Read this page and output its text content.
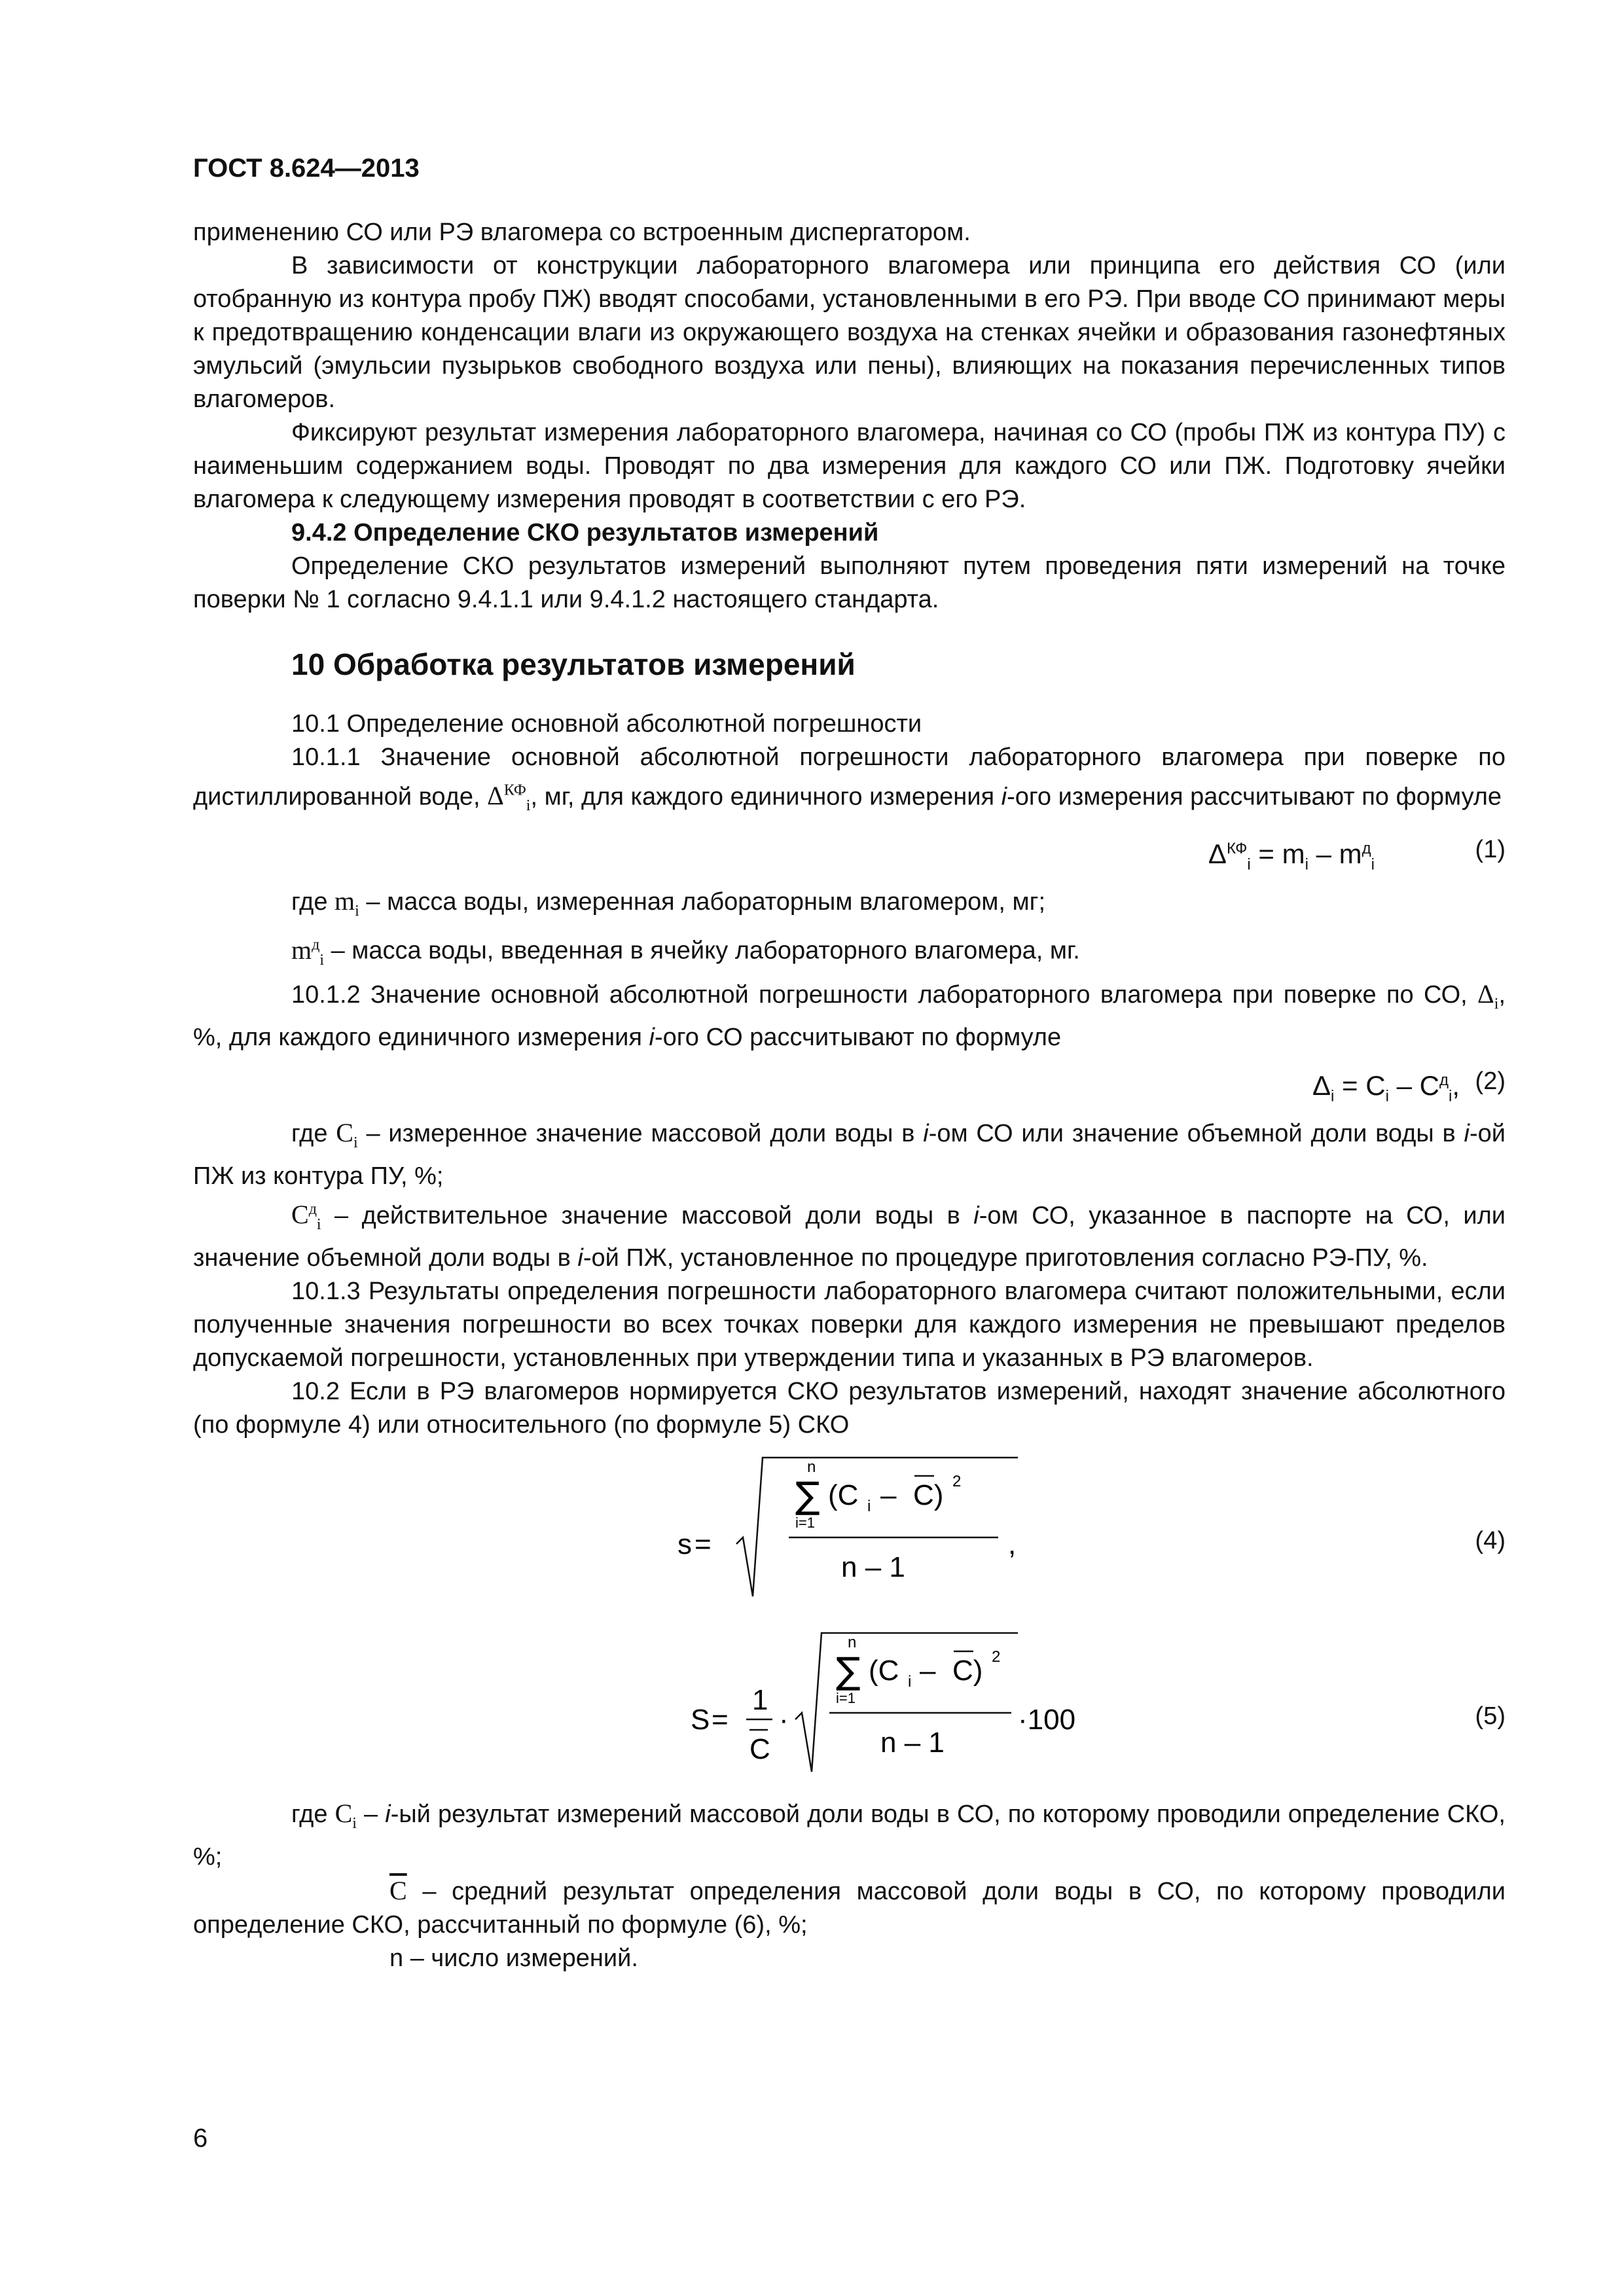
ГОСТ 8.624—2013

применению СО или РЭ влагомера со встроенным диспергатором.

В зависимости от конструкции лабораторного влагомера или принципа его действия СО (или отобранную из контура пробу ПЖ) вводят способами, установленными в его РЭ. При вводе СО принимают меры к предотвращению конденсации влаги из окружающего воздуха на стенках ячейки и образования газонефтяных эмульсий (эмульсии пузырьков свободного воздуха или пены), влияющих на показания перечисленных типов влагомеров.

Фиксируют результат измерения лабораторного влагомера, начиная со СО (пробы ПЖ из контура ПУ) с наименьшим содержанием воды. Проводят по два измерения для каждого СО или ПЖ. Подготовку ячейки влагомера к следующему измерения проводят в соответствии с его РЭ.

9.4.2 Определение СКО результатов измерений

Определение СКО результатов измерений выполняют путем проведения пяти измерений на точке поверки № 1 согласно 9.4.1.1 или 9.4.1.2 настоящего стандарта.

10 Обработка результатов измерений

10.1 Определение основной абсолютной погрешности

10.1.1 Значение основной абсолютной погрешности лабораторного влагомера при поверке по дистиллированной воде, $\Delta^{КФ}_i$, мг, для каждого единичного измерения i-ого измерения рассчитывают по формуле

$\Delta^{КФ}_i = m_i - m^д_i$
(1)

где $m_i$ – масса воды, измеренная лабораторным влагомером, мг;

$m^д_i$ – масса воды, введенная в ячейку лабораторного влагомера, мг.

10.1.2 Значение основной абсолютной погрешности лабораторного влагомера при поверке по СО, $\Delta_i$, %, для каждого единичного измерения i-ого СО рассчитывают по формуле

$\Delta_i = С_i - С^д_i$, (2)

где $С_i$ – измеренное значение массовой доли воды в i-ом СО или значение объемной доли воды в i-ой ПЖ из контура ПУ, %;

$С^д_i$ – действительное значение массовой доли воды в i-ом СО, указанное в паспорте на СО, или значение объемной доли воды в i-ой ПЖ, установленное по процедуре приготовления согласно РЭ-ПУ, %.

10.1.3 Результаты определения погрешности лабораторного влагомера считают положительными, если полученные значения погрешности во всех точках поверки для каждого измерения не превышают пределов допускаемой погрешности, установленных при утверждении типа и указанных в РЭ влагомеров.

10.2 Если в РЭ влагомеров нормируется СКО результатов измерений, находят значение абсолютного (по формуле 4) или относительного (по формуле 5) СКО

s =
n
∑
i=1
(C i – C) 2
n – 1
,	(4)
S =
1
С
·
n
∑
i=1
(C i – C) 2
n – 1
·100	(5)

где $С_i - i-ый$ результат измерений массовой доли воды в СО, по которому проводили определение СКО, %;

С – средний результат определения массовой доли воды в СО, по которому проводили определение СКО, рассчитанный по формуле (6), %;

n – число измерений.

6
